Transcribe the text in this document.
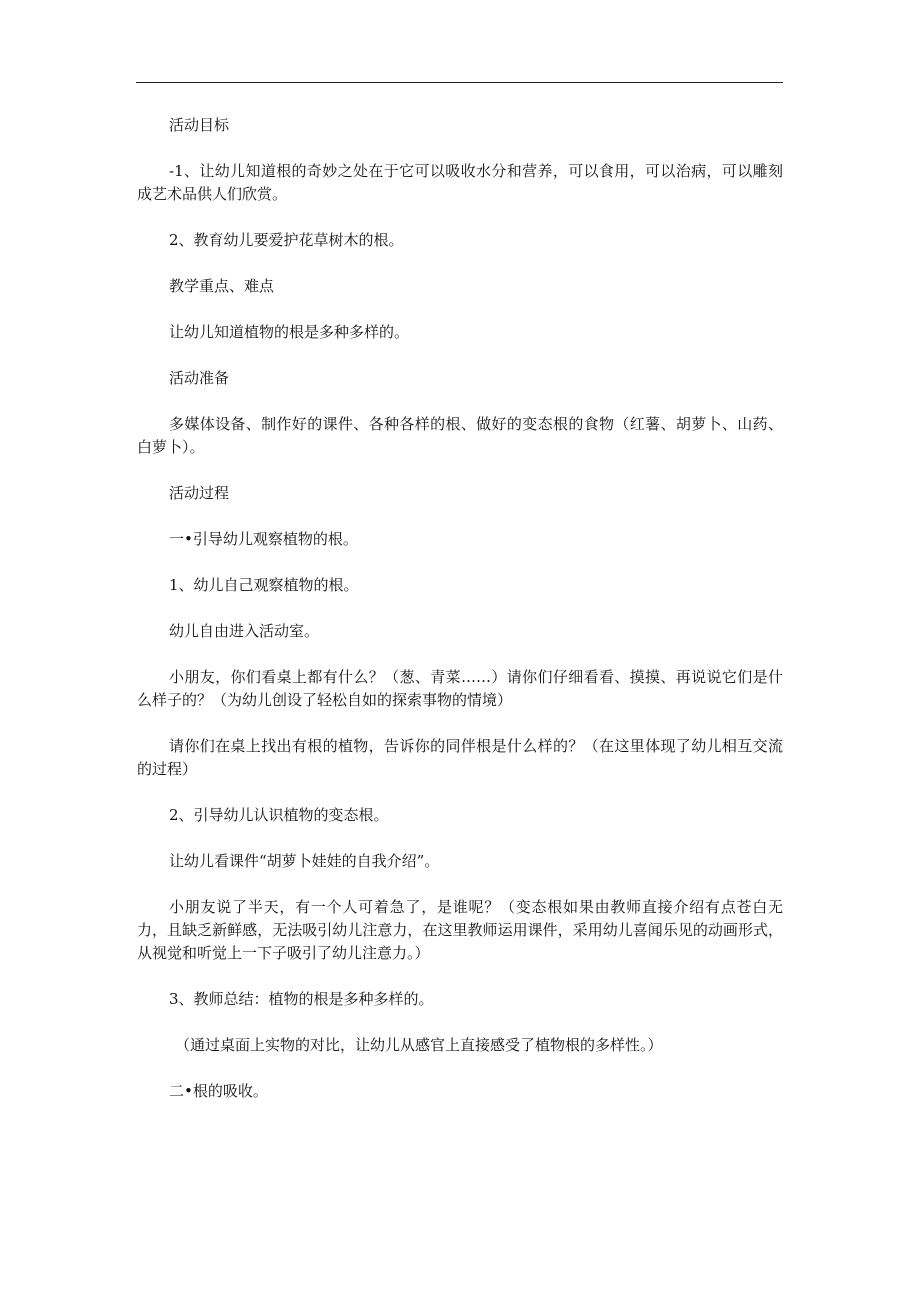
活动目标

-1、让幼儿知道根的奇妙之处在于它可以吸收水分和营养，可以食用，可以治病，可以雕刻成艺术品供人们欣赏。

2、教育幼儿要爱护花草树木的根。

教学重点、难点

让幼儿知道植物的根是多种多样的。

活动准备

多媒体设备、制作好的课件、各种各样的根、做好的变态根的食物（红薯、胡萝卜、山药、白萝卜）。

活动过程

一•引导幼儿观察植物的根。

1、幼儿自己观察植物的根。

幼儿自由进入活动室。

小朋友，你们看桌上都有什么？（葱、青菜……）请你们仔细看看、摸摸、再说说它们是什么样子的？（为幼儿创设了轻松自如的探索事物的情境）

请你们在桌上找出有根的植物，告诉你的同伴根是什么样的？（在这里体现了幼儿相互交流的过程）

2、引导幼儿认识植物的变态根。

让幼儿看课件“胡萝卜娃娃的自我介绍”。

小朋友说了半天，有一个人可着急了，是谁呢？（变态根如果由教师直接介绍有点苍白无力，且缺乏新鲜感，无法吸引幼儿注意力，在这里教师运用课件，采用幼儿喜闻乐见的动画形式，从视觉和听觉上一下子吸引了幼儿注意力。）

3、教师总结：植物的根是多种多样的。

（通过桌面上实物的对比，让幼儿从感官上直接感受了植物根的多样性。）

二•根的吸收。
